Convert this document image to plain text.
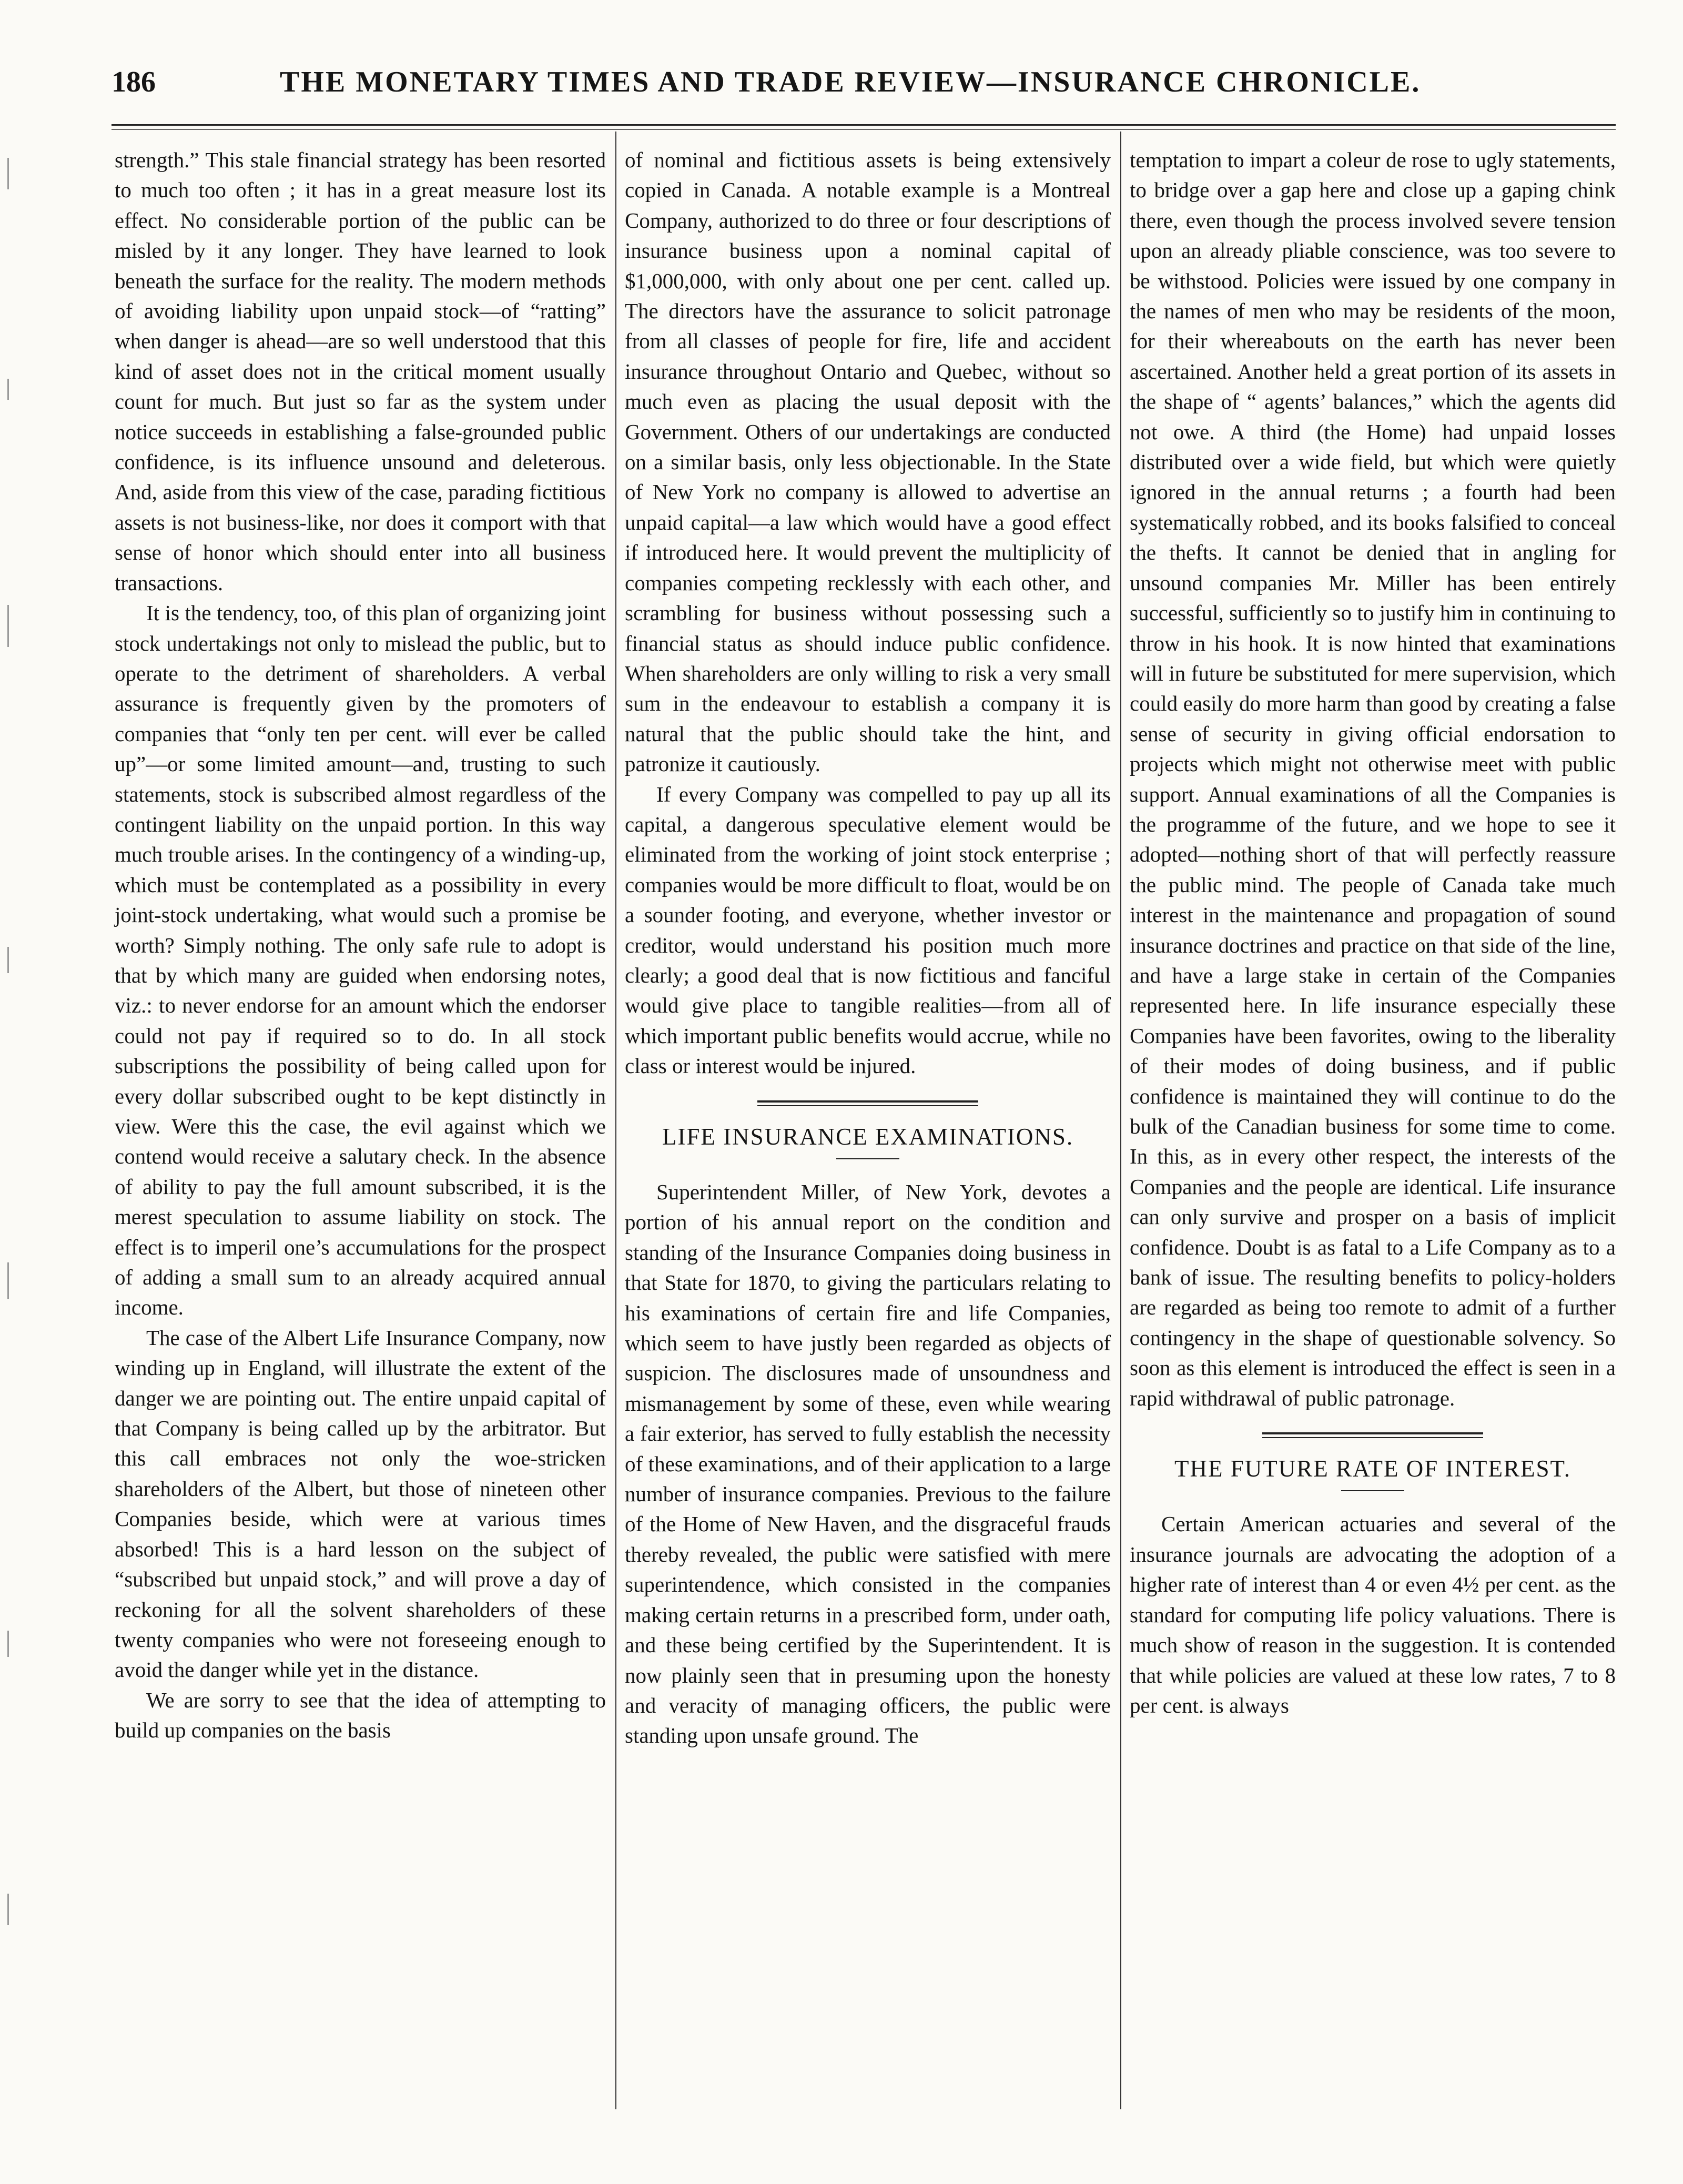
186	THE MONETARY TIMES AND TRADE REVIEW—INSURANCE CHRONICLE.

strength.” This stale financial strategy has been resorted to much too often ; it has in a great measure lost its effect. No considerable portion of the public can be misled by it any longer. They have learned to look beneath the surface for the reality. The modern methods of avoiding liability upon unpaid stock—of “ratting” when danger is ahead—are so well understood that this kind of asset does not in the critical moment usually count for much. But just so far as the system under notice succeeds in establishing a false-grounded public confidence, is its influence unsound and deleterous. And, aside from this view of the case, parading fictitious assets is not business-like, nor does it comport with that sense of honor which should enter into all business transactions.

It is the tendency, too, of this plan of organizing joint stock undertakings not only to mislead the public, but to operate to the detriment of shareholders. A verbal assurance is frequently given by the promoters of companies that “only ten per cent. will ever be called up”—or some limited amount—and, trusting to such statements, stock is subscribed almost regardless of the contingent liability on the unpaid portion. In this way much trouble arises. In the contingency of a winding-up, which must be contemplated as a possibility in every joint-stock undertaking, what would such a promise be worth? Simply nothing. The only safe rule to adopt is that by which many are guided when endorsing notes, viz.: to never endorse for an amount which the endorser could not pay if required so to do. In all stock subscriptions the possibility of being called upon for every dollar subscribed ought to be kept distinctly in view. Were this the case, the evil against which we contend would receive a salutary check. In the absence of ability to pay the full amount subscribed, it is the merest speculation to assume liability on stock. The effect is to imperil one’s accumulations for the prospect of adding a small sum to an already acquired annual income.

The case of the Albert Life Insurance Company, now winding up in England, will illustrate the extent of the danger we are pointing out. The entire unpaid capital of that Company is being called up by the arbitrator. But this call embraces not only the woe-stricken shareholders of the Albert, but those of nineteen other Companies beside, which were at various times absorbed! This is a hard lesson on the subject of “subscribed but unpaid stock,” and will prove a day of reckoning for all the solvent shareholders of these twenty companies who were not foreseeing enough to avoid the danger while yet in the distance.

We are sorry to see that the idea of attempting to build up companies on the basis

of nominal and fictitious assets is being extensively copied in Canada. A notable example is a Montreal Company, authorized to do three or four descriptions of insurance business upon a nominal capital of $1,000,000, with only about one per cent. called up. The directors have the assurance to solicit patronage from all classes of people for fire, life and accident insurance throughout Ontario and Quebec, without so much even as placing the usual deposit with the Government. Others of our undertakings are conducted on a similar basis, only less objectionable. In the State of New York no company is allowed to advertise an unpaid capital—a law which would have a good effect if introduced here. It would prevent the multiplicity of companies competing recklessly with each other, and scrambling for business without possessing such a financial status as should induce public confidence. When shareholders are only willing to risk a very small sum in the endeavour to establish a company it is natural that the public should take the hint, and patronize it cautiously.

If every Company was compelled to pay up all its capital, a dangerous speculative element would be eliminated from the working of joint stock enterprise ; companies would be more difficult to float, would be on a sounder footing, and everyone, whether investor or creditor, would understand his position much more clearly; a good deal that is now fictitious and fanciful would give place to tangible realities—from all of which important public benefits would accrue, while no class or interest would be injured.

LIFE INSURANCE EXAMINATIONS.

Superintendent Miller, of New York, devotes a portion of his annual report on the condition and standing of the Insurance Companies doing business in that State for 1870, to giving the particulars relating to his examinations of certain fire and life Companies, which seem to have justly been regarded as objects of suspicion. The disclosures made of unsoundness and mismanagement by some of these, even while wearing a fair exterior, has served to fully establish the necessity of these examinations, and of their application to a large number of insurance companies. Previous to the failure of the Home of New Haven, and the disgraceful frauds thereby revealed, the public were satisfied with mere superintendence, which consisted in the companies making certain returns in a prescribed form, under oath, and these being certified by the Superintendent. It is now plainly seen that in presuming upon the honesty and veracity of managing officers, the public were standing upon unsafe ground. The

temptation to impart a coleur de rose to ugly statements, to bridge over a gap here and close up a gaping chink there, even though the process involved severe tension upon an already pliable conscience, was too severe to be withstood. Policies were issued by one company in the names of men who may be residents of the moon, for their whereabouts on the earth has never been ascertained. Another held a great portion of its assets in the shape of “ agents’ balances,” which the agents did not owe. A third (the Home) had unpaid losses distributed over a wide field, but which were quietly ignored in the annual returns ; a fourth had been systematically robbed, and its books falsified to conceal the thefts. It cannot be denied that in angling for unsound companies Mr. Miller has been entirely successful, sufficiently so to justify him in continuing to throw in his hook. It is now hinted that examinations will in future be substituted for mere supervision, which could easily do more harm than good by creating a false sense of security in giving official endorsation to projects which might not otherwise meet with public support. Annual examinations of all the Companies is the programme of the future, and we hope to see it adopted—nothing short of that will perfectly reassure the public mind. The people of Canada take much interest in the maintenance and propagation of sound insurance doctrines and practice on that side of the line, and have a large stake in certain of the Companies represented here. In life insurance especially these Companies have been favorites, owing to the liberality of their modes of doing business, and if public confidence is maintained they will continue to do the bulk of the Canadian business for some time to come. In this, as in every other respect, the interests of the Companies and the people are identical. Life insurance can only survive and prosper on a basis of implicit confidence. Doubt is as fatal to a Life Company as to a bank of issue. The resulting benefits to policy-holders are regarded as being too remote to admit of a further contingency in the shape of questionable solvency. So soon as this element is introduced the effect is seen in a rapid withdrawal of public patronage.

THE FUTURE RATE OF INTEREST.

Certain American actuaries and several of the insurance journals are advocating the adoption of a higher rate of interest than 4 or even 4½ per cent. as the standard for computing life policy valuations. There is much show of reason in the suggestion. It is contended that while policies are valued at these low rates, 7 to 8 per cent. is always
